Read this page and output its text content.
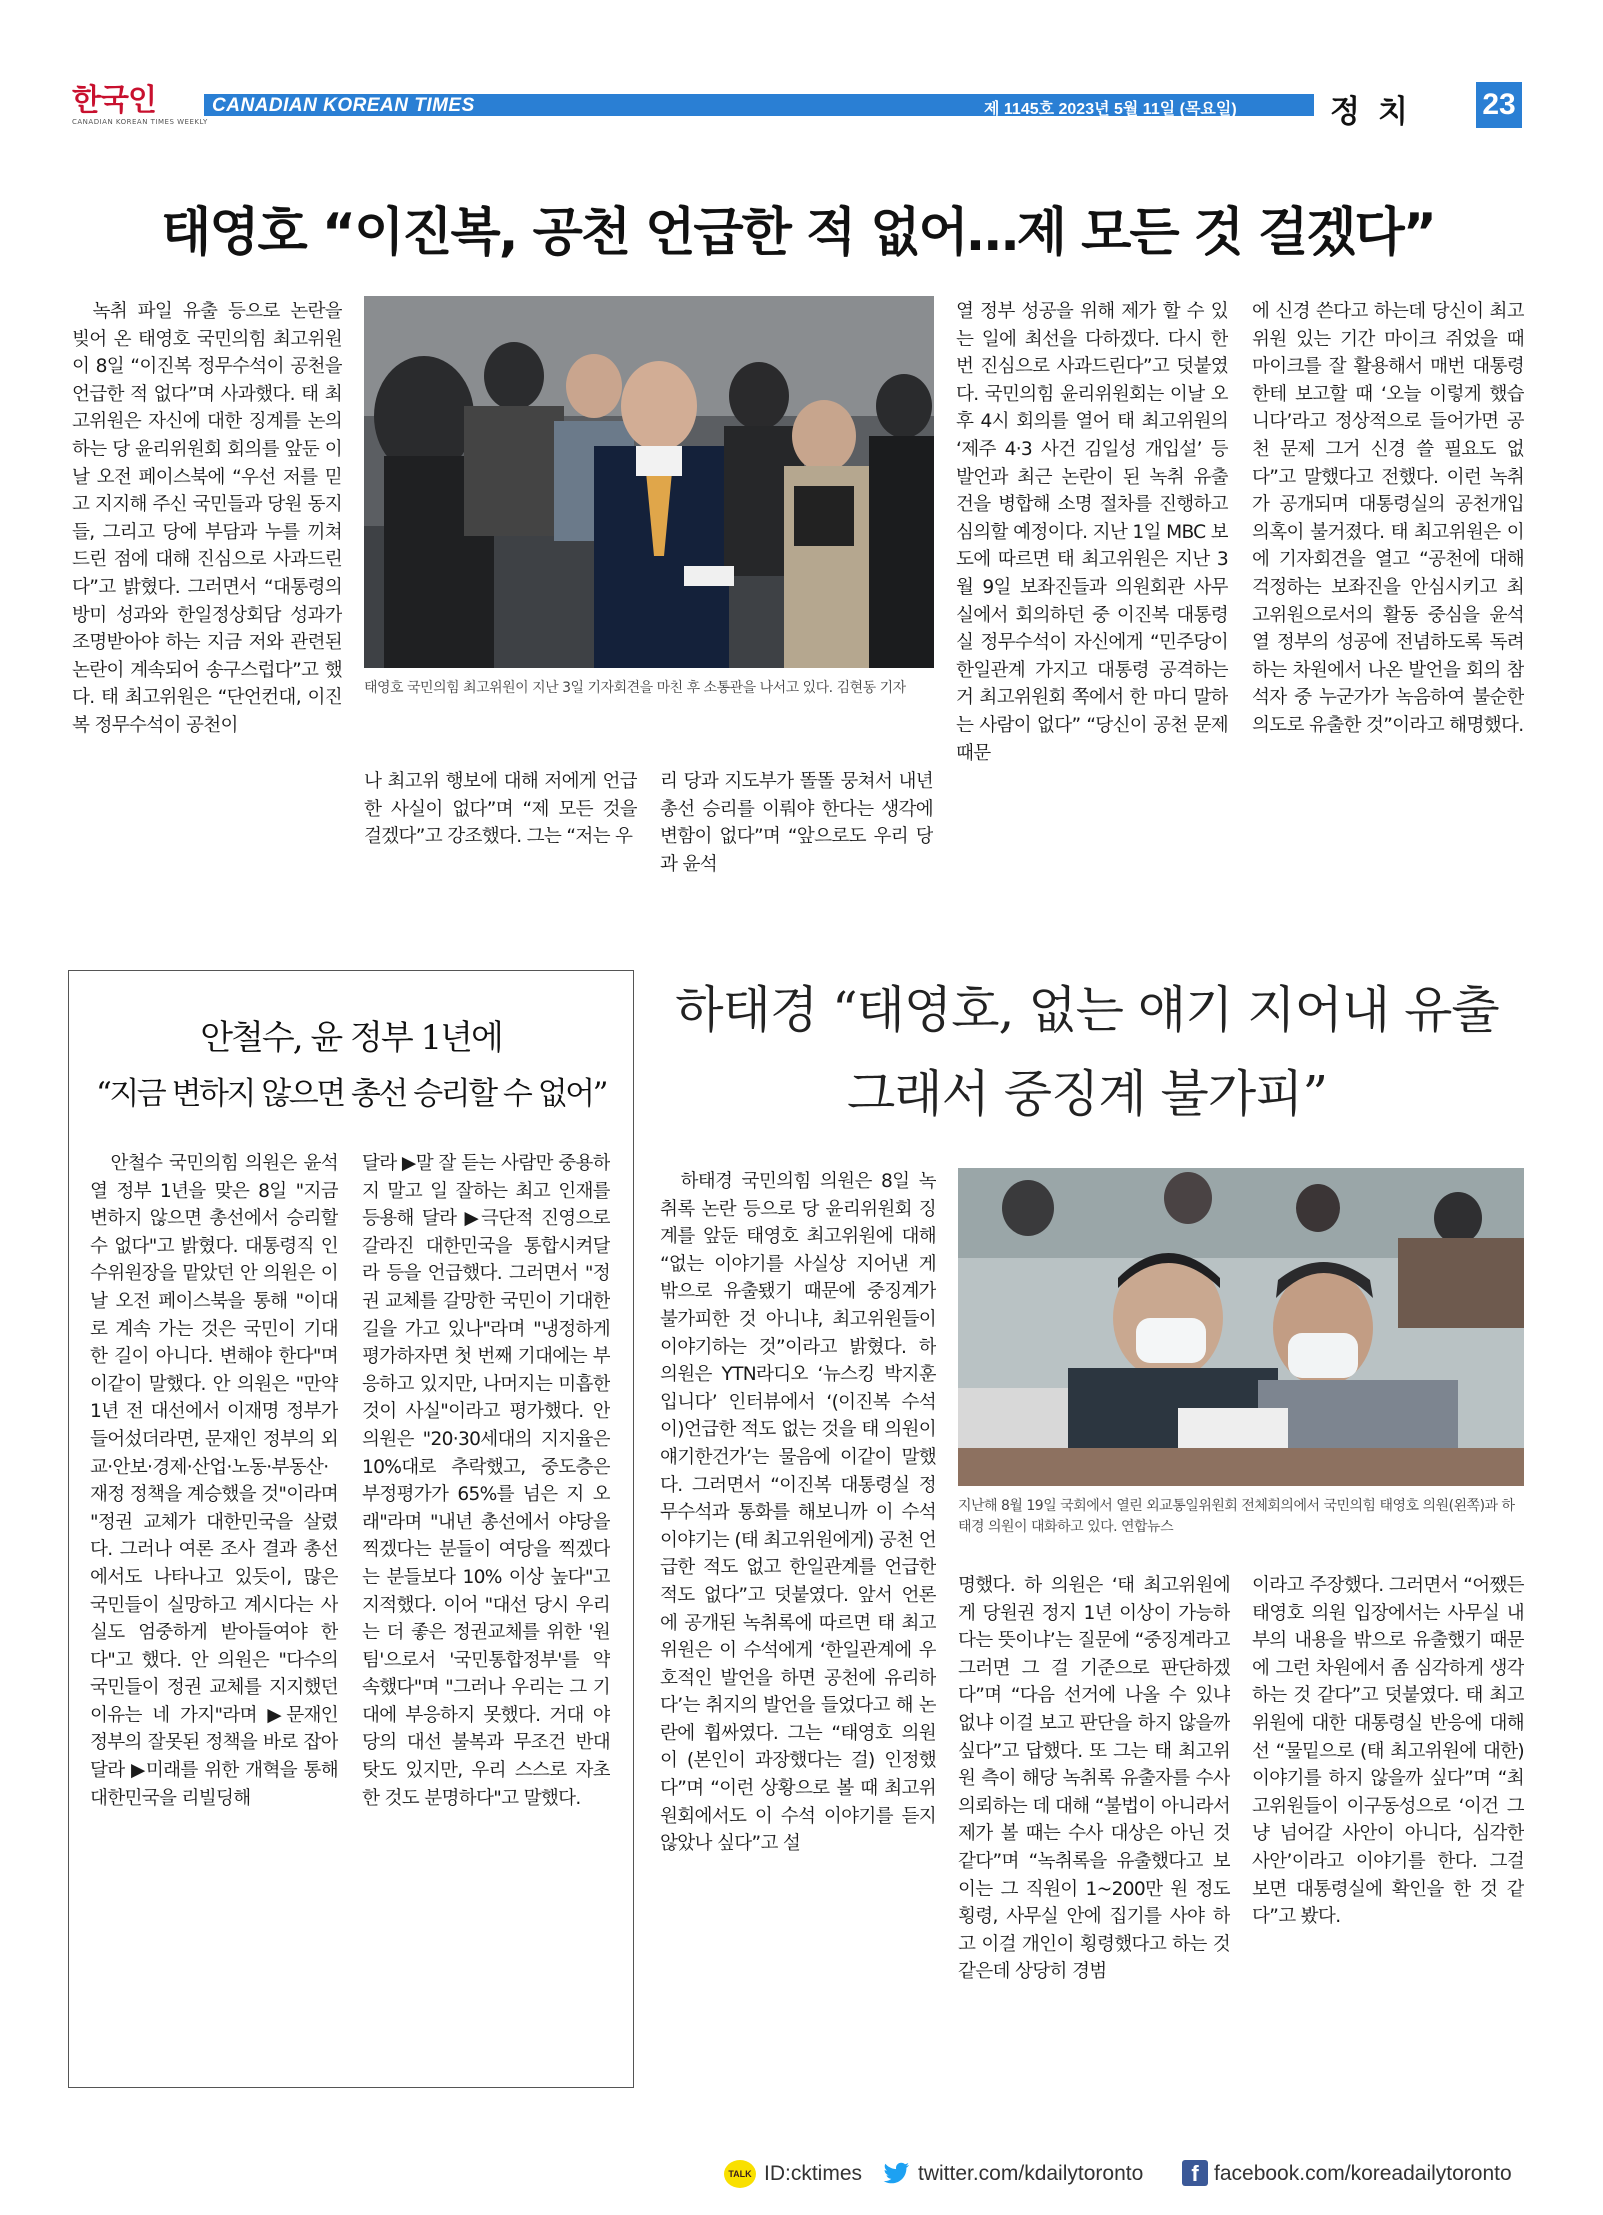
한국인
CANADIAN KOREAN TIMES WEEKLY
CANADIAN KOREAN TIMES	제 1145호 2023년 5월 11일 (목요일)	정치 23
태영호 “이진복, 공천 언급한 적 없어…제 모든 것 걸겠다”
태영호 국민의힘 최고위원이 지난 3일 기자회견을 마친 후 소통관을 나서고 있다. 김현동 기자

녹취 파일 유출 등으로 논란을 빚어 온 태영호 국민의힘 최고위원이 8일 “이진복 정무수석이 공천을 언급한 적 없다”며 사과했다. 태 최고위원은 자신에 대한 징계를 논의하는 당 윤리위원회 회의를 앞둔 이 날 오전 페이스북에 “우선 저를 믿고 지지해 주신 국민들과 당원 동지들, 그리고 당에 부담과 누를 끼쳐드린 점에 대해 진심으로 사과드린다”고 밝혔다. 그러면서 “대통령의 방미 성과와 한일정상회담 성과가 조명받아야 하는 지금 저와 관련된 논란이 계속되어 송구스럽다”고 했다. 태 최고위원은 “단언컨대, 이진복 정무수석이 공천이

나 최고위 행보에 대해 저에게 언급한 사실이 없다”며 “제 모든 것을 걸겠다”고 강조했다. 그는 “저는 우

리 당과 지도부가 똘똘 뭉쳐서 내년 총선 승리를 이뤄야 한다는 생각에 변함이 없다”며 “앞으로도 우리 당과 윤석

열 정부 성공을 위해 제가 할 수 있는 일에 최선을 다하겠다. 다시 한번 진심으로 사과드린다”고 덧붙였다. 국민의힘 윤리위원회는 이날 오후 4시 회의를 열어 태 최고위원의 ‘제주 4·3 사건 김일성 개입설’ 등 발언과 최근 논란이 된 녹취 유출 건을 병합해 소명 절차를 진행하고 심의할 예정이다. 지난 1일 MBC 보도에 따르면 태 최고위원은 지난 3월 9일 보좌진들과 의원회관 사무실에서 회의하던 중 이진복 대통령실 정무수석이 자신에게 “민주당이 한일관계 가지고 대통령 공격하는 거 최고위원회 쪽에서 한 마디 말하는 사람이 없다” “당신이 공천 문제 때문

에 신경 쓴다고 하는데 당신이 최고위원 있는 기간 마이크 쥐었을 때 마이크를 잘 활용해서 매번 대통령한테 보고할 때 ‘오늘 이렇게 했습니다’라고 정상적으로 들어가면 공천 문제 그거 신경 쓸 필요도 없다”고 말했다고 전했다. 이런 녹취가 공개되며 대통령실의 공천개입 의혹이 불거졌다. 태 최고위원은 이에 기자회견을 열고 “공천에 대해 걱정하는 보좌진을 안심시키고 최고위원으로서의 활동 중심을 윤석열 정부의 성공에 전념하도록 독려하는 차원에서 나온 발언을 회의 참석자 중 누군가가 녹음하여 불순한 의도로 유출한 것”이라고 해명했다.

안철수, 윤 정부 1년에
“지금 변하지 않으면 총선 승리할 수 없어”

안철수 국민의힘 의원은 윤석열 정부 1년을 맞은 8일 "지금 변하지 않으면 총선에서 승리할 수 없다"고 밝혔다. 대통령직 인수위원장을 맡았던 안 의원은 이날 오전 페이스북을 통해 "이대로 계속 가는 것은 국민이 기대한 길이 아니다. 변해야 한다"며 이같이 말했다. 안 의원은 "만약 1년 전 대선에서 이재명 정부가 들어섰더라면, 문재인 정부의 외교·안보·경제·산업·노동·부동산·재정 정책을 계승했을 것"이라며 "정권 교체가 대한민국을 살렸다. 그러나 여론 조사 결과 총선에서도 나타나고 있듯이, 많은 국민들이 실망하고 계시다는 사실도 엄중하게 받아들여야 한다"고 했다. 안 의원은 "다수의 국민들이 정권 교체를 지지했던 이유는 네 가지"라며 ▶문재인 정부의 잘못된 정책을 바로 잡아달라 ▶미래를 위한 개혁을 통해 대한민국을 리빌딩해

달라 ▶말 잘 듣는 사람만 중용하지 말고 일 잘하는 최고 인재를 등용해 달라 ▶극단적 진영으로 갈라진 대한민국을 통합시켜달라 등을 언급했다. 그러면서 "정권 교체를 갈망한 국민이 기대한 길을 가고 있나"라며 "냉정하게 평가하자면 첫 번째 기대에는 부응하고 있지만, 나머지는 미흡한 것이 사실"이라고 평가했다. 안 의원은 "20·30세대의 지지율은 10%대로 추락했고, 중도층은 부정평가가 65%를 넘은 지 오래"라며 "내년 총선에서 야당을 찍겠다는 분들이 여당을 찍겠다는 분들보다 10% 이상 높다"고 지적했다. 이어 "대선 당시 우리는 더 좋은 정권교체를 위한 '원팀'으로서 '국민통합정부'를 약속했다"며 "그러나 우리는 그 기대에 부응하지 못했다. 거대 야당의 대선 불복과 무조건 반대 탓도 있지만, 우리 스스로 자초한 것도 분명하다"고 말했다.

하태경 “태영호, 없는 얘기 지어내 유출
그래서 중징계 불가피”
지난해 8월 19일 국회에서 열린 외교통일위원회 전체회의에서 국민의힘 태영호 의원(왼쪽)과 하태경 의원이 대화하고 있다. 연합뉴스

하태경 국민의힘 의원은 8일 녹취록 논란 등으로 당 윤리위원회 징계를 앞둔 태영호 최고위원에 대해 “없는 이야기를 사실상 지어낸 게 밖으로 유출됐기 때문에 중징계가 불가피한 것 아니냐, 최고위원들이 이야기하는 것”이라고 밝혔다. 하 의원은 YTN라디오 ‘뉴스킹 박지훈입니다’ 인터뷰에서 ‘(이진복 수석이)언급한 적도 없는 것을 태 의원이 얘기한건가’는 물음에 이같이 말했다. 그러면서 “이진복 대통령실 정무수석과 통화를 해보니까 이 수석 이야기는 (태 최고위원에게) 공천 언급한 적도 없고 한일관계를 언급한 적도 없다”고 덧붙였다. 앞서 언론에 공개된 녹취록에 따르면 태 최고위원은 이 수석에게 ‘한일관계에 우호적인 발언을 하면 공천에 유리하다’는 취지의 발언을 들었다고 해 논란에 휩싸였다. 그는 “태영호 의원이 (본인이 과장했다는 걸) 인정했다”며 “이런 상황으로 볼 때 최고위원회에서도 이 수석 이야기를 듣지 않았나 싶다”고 설

명했다. 하 의원은 ‘태 최고위원에게 당원권 정지 1년 이상이 가능하다는 뜻이냐’는 질문에 “중징계라고 그러면 그 걸 기준으로 판단하겠다”며 “다음 선거에 나올 수 있냐 없냐 이걸 보고 판단을 하지 않을까 싶다”고 답했다. 또 그는 태 최고위원 측이 해당 녹취록 유출자를 수사 의뢰하는 데 대해 “불법이 아니라서 제가 볼 때는 수사 대상은 아닌 것 같다”며 “녹취록을 유출했다고 보이는 그 직원이 1~200만 원 정도 횡령, 사무실 안에 집기를 사야 하고 이걸 개인이 횡령했다고 하는 것 같은데 상당히 경범

이라고 주장했다. 그러면서 “어쨌든 태영호 의원 입장에서는 사무실 내부의 내용을 밖으로 유출했기 때문에 그런 차원에서 좀 심각하게 생각하는 것 같다”고 덧붙였다. 태 최고위원에 대한 대통령실 반응에 대해선 “물밑으로 (태 최고위원에 대한) 이야기를 하지 않을까 싶다”며 “최고위원들이 이구동성으로 ‘이건 그냥 넘어갈 사안이 아니다, 심각한 사안’이라고 이야기를 한다. 그걸 보면 대통령실에 확인을 한 것 같다”고 봤다.

TALK ID:cktimes	twitter.com/kdailytoronto	f facebook.com/koreadailytoronto
